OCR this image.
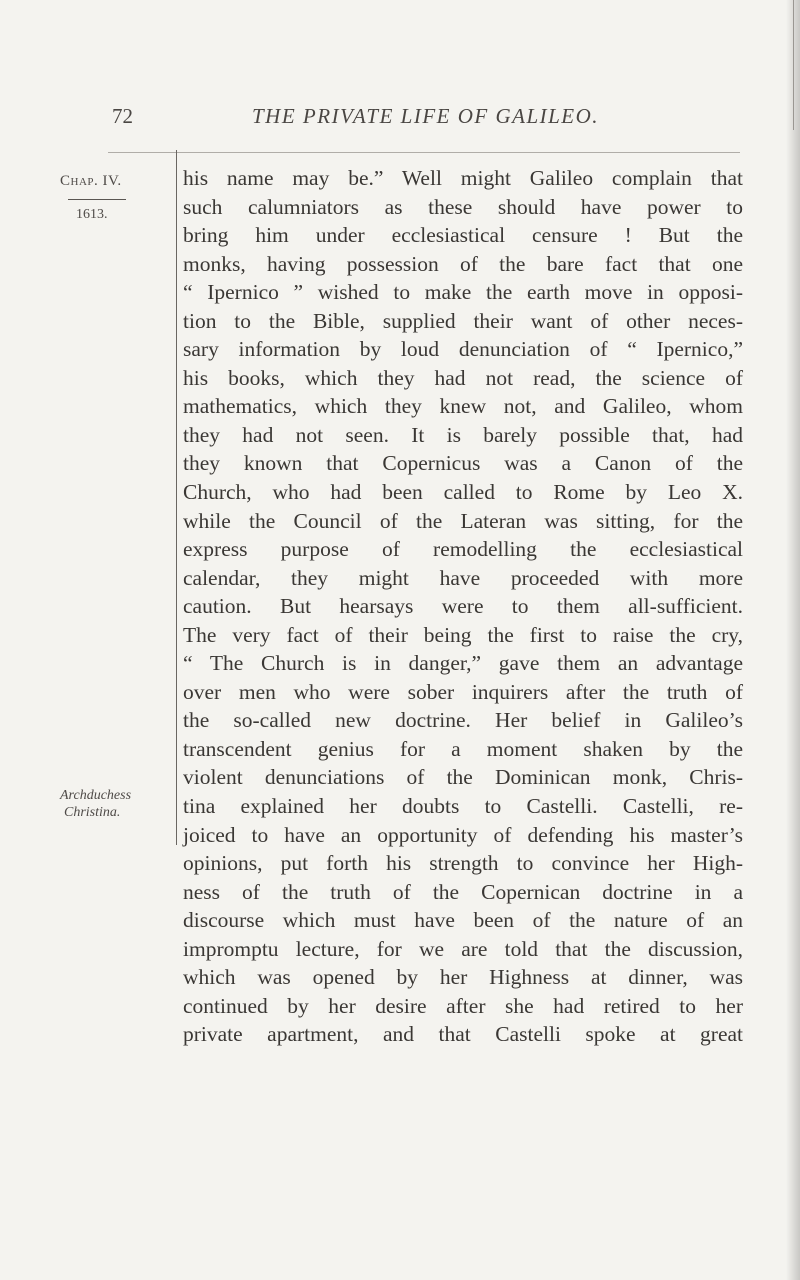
72	THE PRIVATE LIFE OF GALILEO.
Chap. IV.
1613.
Archduchess
Christina.
his name may be.” Well might Galileo complain that
such calumniators as these should have power to
bring him under ecclesiastical censure ! But the
monks, having possession of the bare fact that one
“ Ipernico ” wished to make the earth move in opposi-
tion to the Bible, supplied their want of other neces-
sary information by loud denunciation of “ Ipernico,”
his books, which they had not read, the science of
mathematics, which they knew not, and Galileo, whom
they had not seen. It is barely possible that, had
they known that Copernicus was a Canon of the
Church, who had been called to Rome by Leo X.
while the Council of the Lateran was sitting, for the
express purpose of remodelling the ecclesiastical
calendar, they might have proceeded with more
caution. But hearsays were to them all-sufficient.
The very fact of their being the first to raise the cry,
“ The Church is in danger,” gave them an advantage
over men who were sober inquirers after the truth of
the so-called new doctrine. Her belief in Galileo’s
transcendent genius for a moment shaken by the
violent denunciations of the Dominican monk, Chris-
tina explained her doubts to Castelli. Castelli, re-
joiced to have an opportunity of defending his master’s
opinions, put forth his strength to convince her High-
ness of the truth of the Copernican doctrine in a
discourse which must have been of the nature of an
impromptu lecture, for we are told that the discussion,
which was opened by her Highness at dinner, was
continued by her desire after she had retired to her
private apartment, and that Castelli spoke at great
